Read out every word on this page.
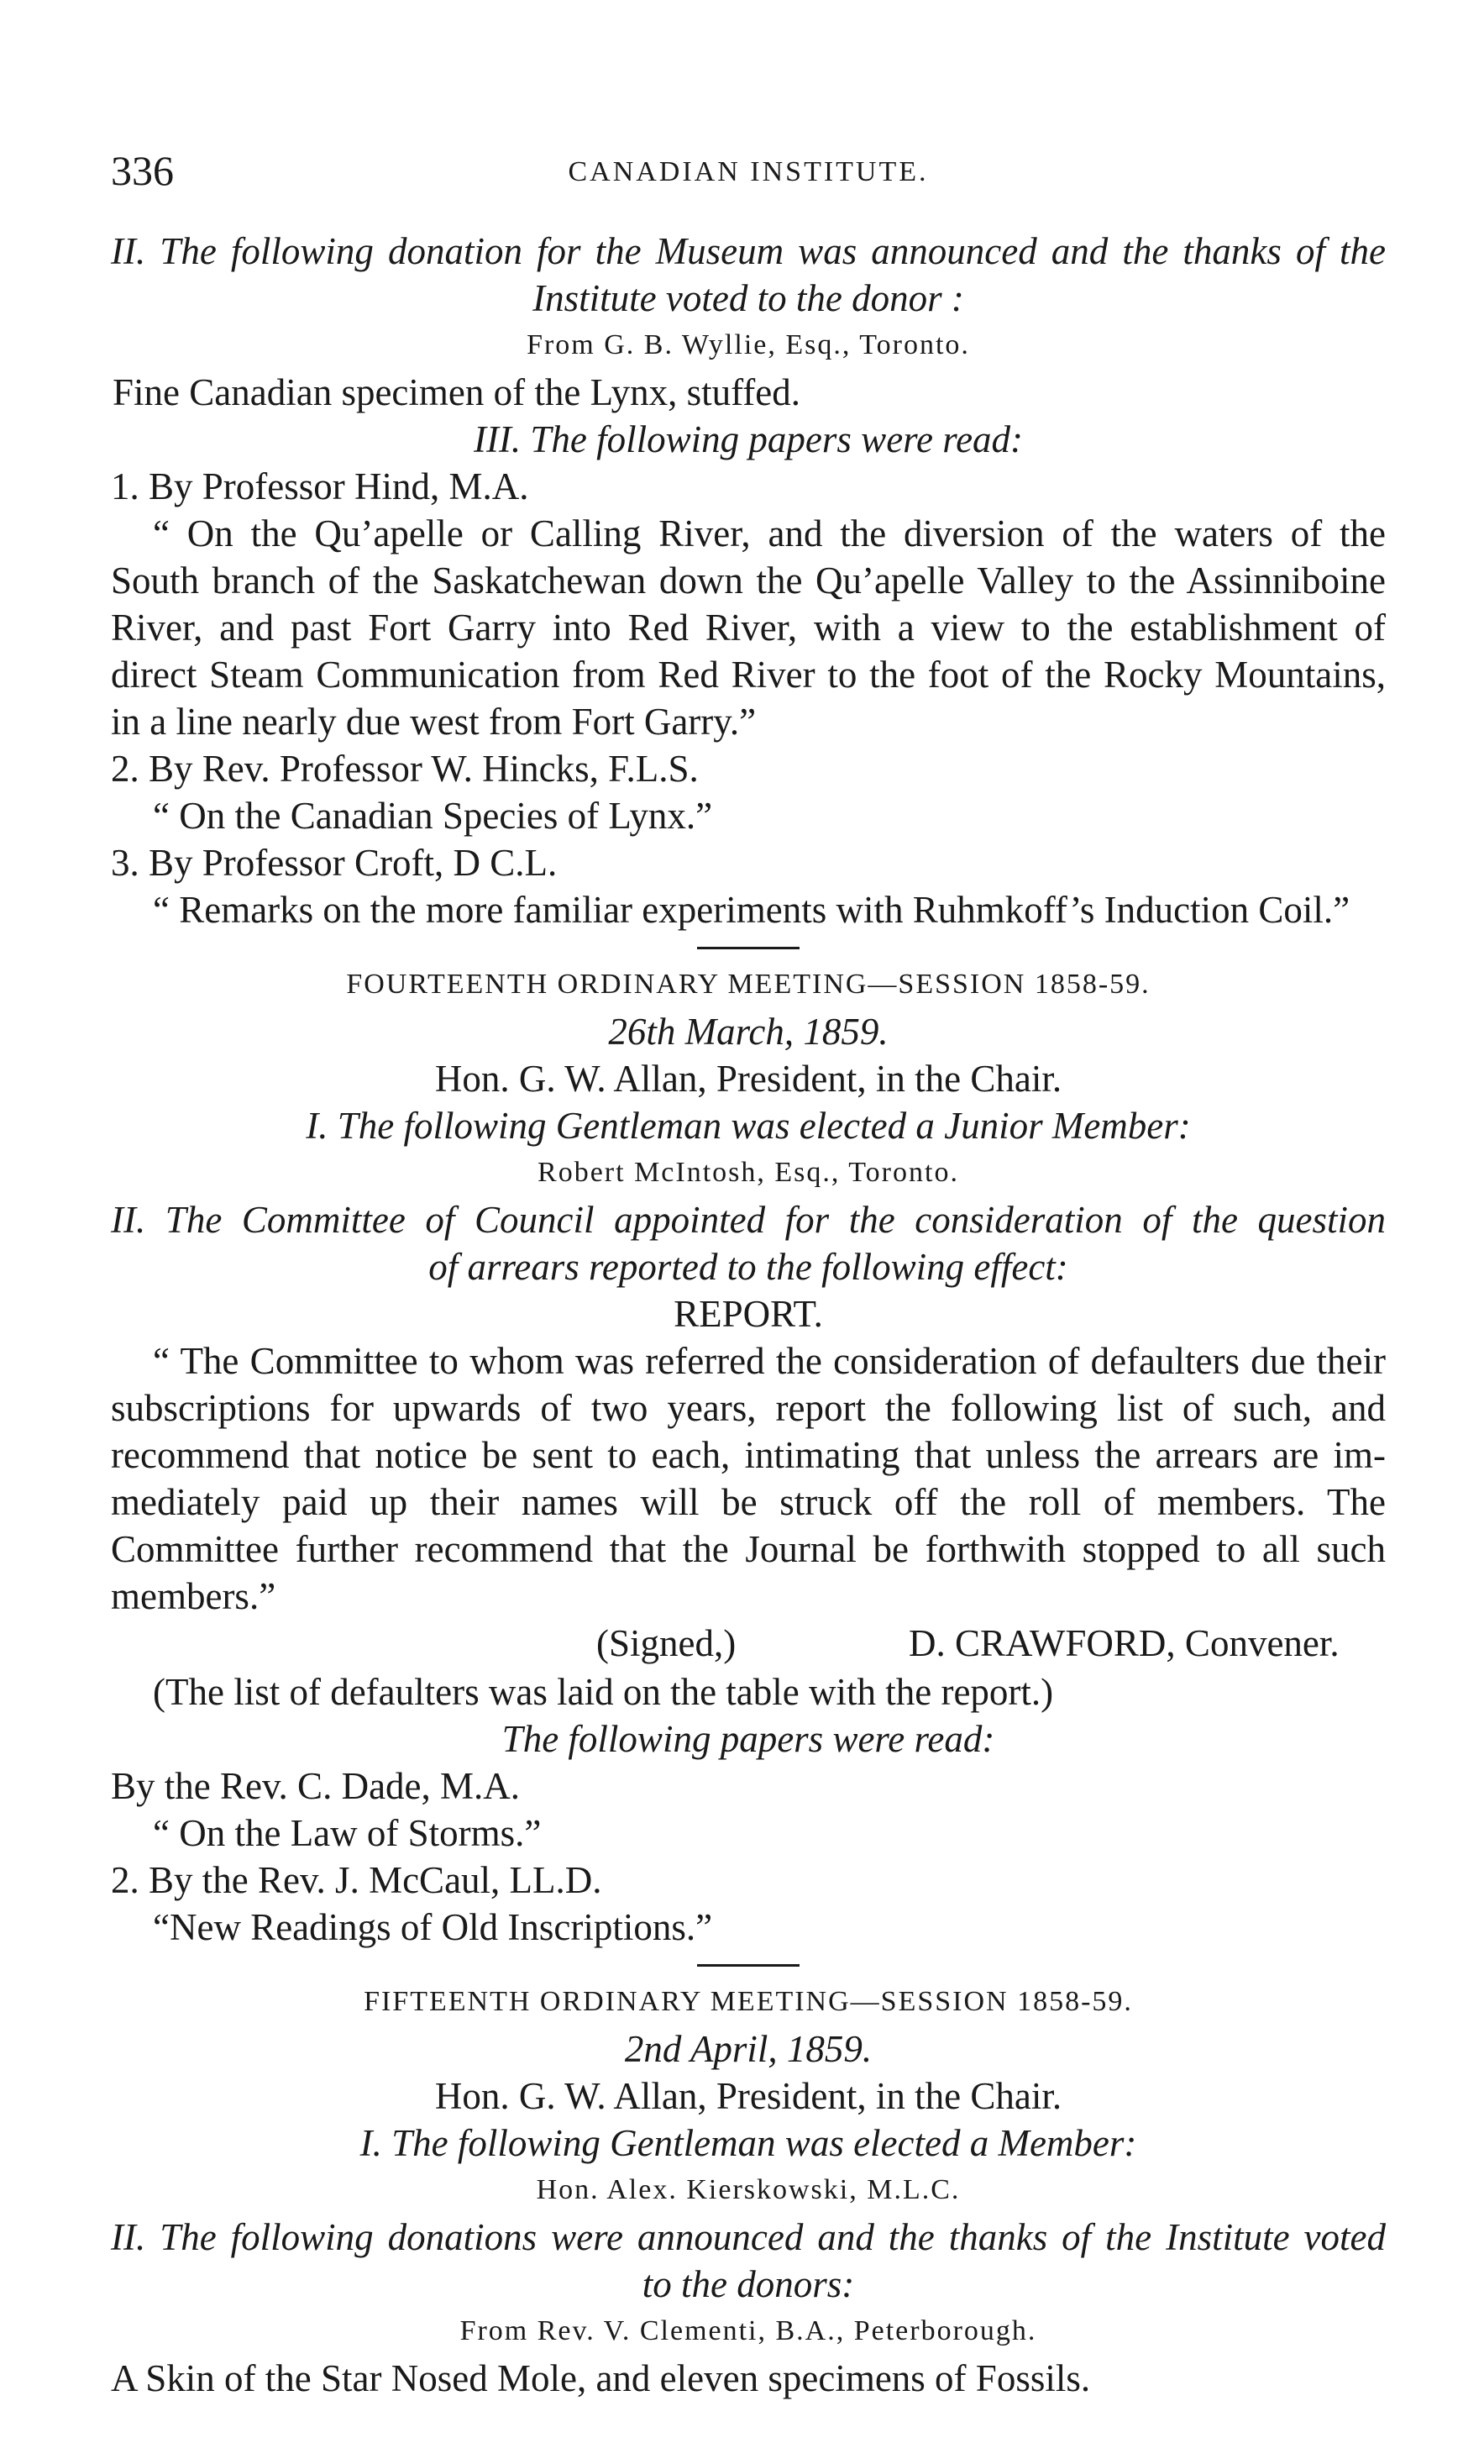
336	CANADIAN INSTITUTE.
II. The following donation for the Museum was announced and the thanks of the
Institute voted to the donor :
From G. B. Wyllie, Esq., Toronto.
Fine Canadian specimen of the Lynx, stuffed.
III. The following papers were read:
1. By Professor Hind, M.A.
“ On the Qu’apelle or Calling River, and the diversion of the waters of the
South branch of the Saskatchewan down the Qu’apelle Valley to the Assinniboine
River, and past Fort Garry into Red River, with a view to the establishment of
direct Steam Communication from Red River to the foot of the Rocky Mountains,
in a line nearly due west from Fort Garry.”
2. By Rev. Professor W. Hincks, F.L.S.
“ On the Canadian Species of Lynx.”
3. By Professor Croft, D C.L.
“ Remarks on the more familiar experiments with Ruhmkoff’s Induction Coil.”
FOURTEENTH ORDINARY MEETING—SESSION 1858-59.
26th March, 1859.
Hon. G. W. Allan, President, in the Chair.
I. The following Gentleman was elected a Junior Member:
Robert McIntosh, Esq., Toronto.
II. The Committee of Council appointed for the consideration of the question
of arrears reported to the following effect:
REPORT.
“ The Committee to whom was referred the consideration of defaulters due their
subscriptions for upwards of two years, report the following list of such, and
recommend that notice be sent to each, intimating that unless the arrears are im-
mediately paid up their names will be struck off the roll of members. The
Committee further recommend that the Journal be forthwith stopped to all such
members.”
(Signed,)	D. CRAWFORD, Convener.
(The list of defaulters was laid on the table with the report.)
The following papers were read:
By the Rev. C. Dade, M.A.
“ On the Law of Storms.”
2. By the Rev. J. McCaul, LL.D.
“New Readings of Old Inscriptions.”
FIFTEENTH ORDINARY MEETING—SESSION 1858-59.
2nd April, 1859.
Hon. G. W. Allan, President, in the Chair.
I. The following Gentleman was elected a Member:
Hon. Alex. Kierskowski, M.L.C.
II. The following donations were announced and the thanks of the Institute voted
to the donors:
From Rev. V. Clementi, B.A., Peterborough.
A Skin of the Star Nosed Mole, and eleven specimens of Fossils.
